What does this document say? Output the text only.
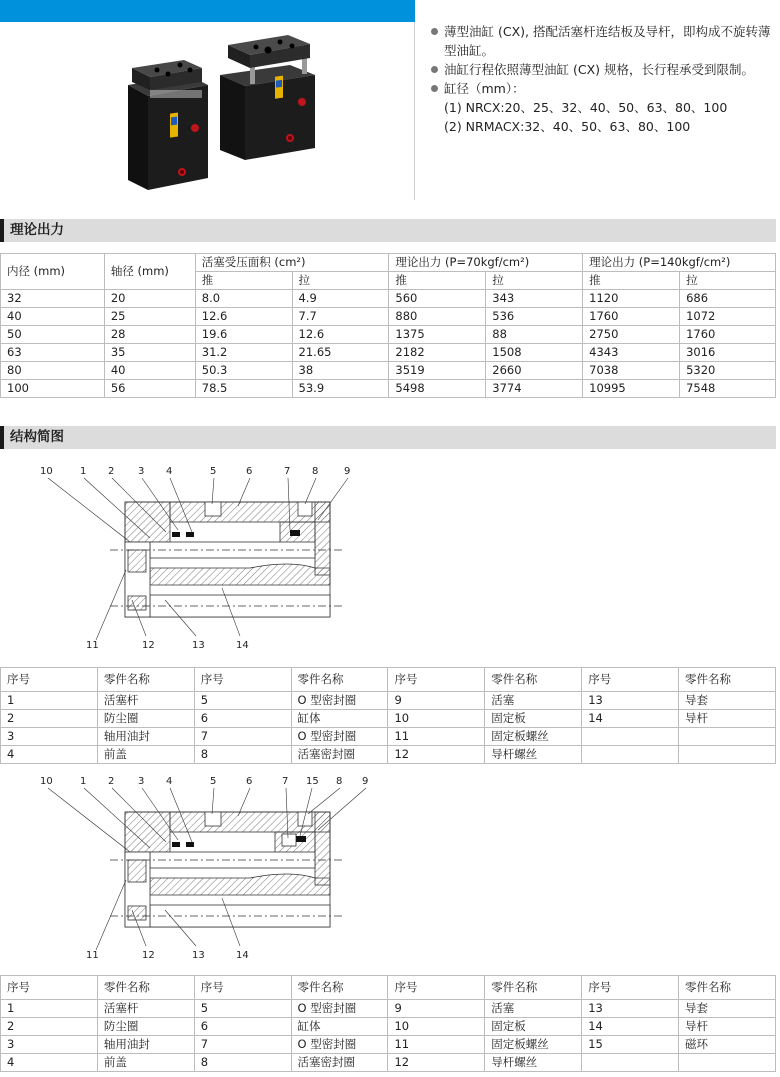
薄型油缸 (CX), 搭配活塞杆连结板及导杆，即构成不旋转薄型油缸。
油缸行程依照薄型油缸 (CX) 规格，长行程承受到限制。
缸径（mm）：
(1) NRCX:20、25、32、40、50、63、80、100
(2) NRMACX:32、40、50、63、80、100
理论出力
内径 (mm)	轴径 (mm)	活塞受压面积 (cm²)		理论出力 (P=70kgf/cm²)		理论出力 (P=140kgf/cm²)	
		推	拉	推	拉	推	拉
32	20	8.0	4.9	560	343	1120	686
40	25	12.6	7.7	880	536	1760	1072
50	28	19.6	12.6	1375	88	2750	1760
63	35	31.2	21.65	2182	1508	4343	3016
80	40	50.3	38	3519	2660	7038	5320
100	56	78.5	53.9	5498	3774	10995	7548
结构简图
10	1 2 3 4	5	6	7 8	9
11	12	13	14
序号	零件名称	序号	零件名称	序号	零件名称	序号	零件名称
1	活塞杆	5	O 型密封圈	9	活塞	13	导套
2	防尘圈	6	缸体	10	固定板	14	导杆
3	轴用油封	7	O 型密封圈	11	固定板螺丝		
4	前盖	8	活塞密封圈	12	导杆螺丝		
10	1 2 3 4	5	6	7 15 8 9
11	12	13	14
序号	零件名称	序号	零件名称	序号	零件名称	序号	零件名称
1	活塞杆	5	O 型密封圈	9	活塞	13	导套
2	防尘圈	6	缸体	10	固定板	14	导杆
3	轴用油封	7	O 型密封圈	11	固定板螺丝	15	磁环
4	前盖	8	活塞密封圈	12	导杆螺丝		
